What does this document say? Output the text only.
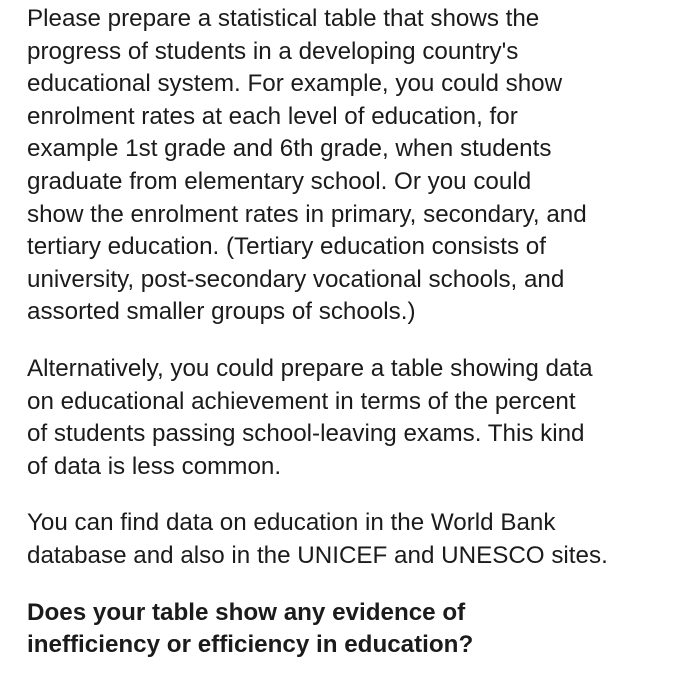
Please prepare a statistical table that shows the
progress of students in a developing country's
educational system. For example, you could show
enrolment rates at each level of education, for
example 1st grade and 6th grade, when students
graduate from elementary school. Or you could
show the enrolment rates in primary, secondary, and
tertiary education. (Tertiary education consists of
university, post-secondary vocational schools, and
assorted smaller groups of schools.)

Alternatively, you could prepare a table showing data
on educational achievement in terms of the percent
of students passing school-leaving exams. This kind
of data is less common.

You can find data on education in the World Bank
database and also in the UNICEF and UNESCO sites.

Does your table show any evidence of
inefficiency or efficiency in education?
